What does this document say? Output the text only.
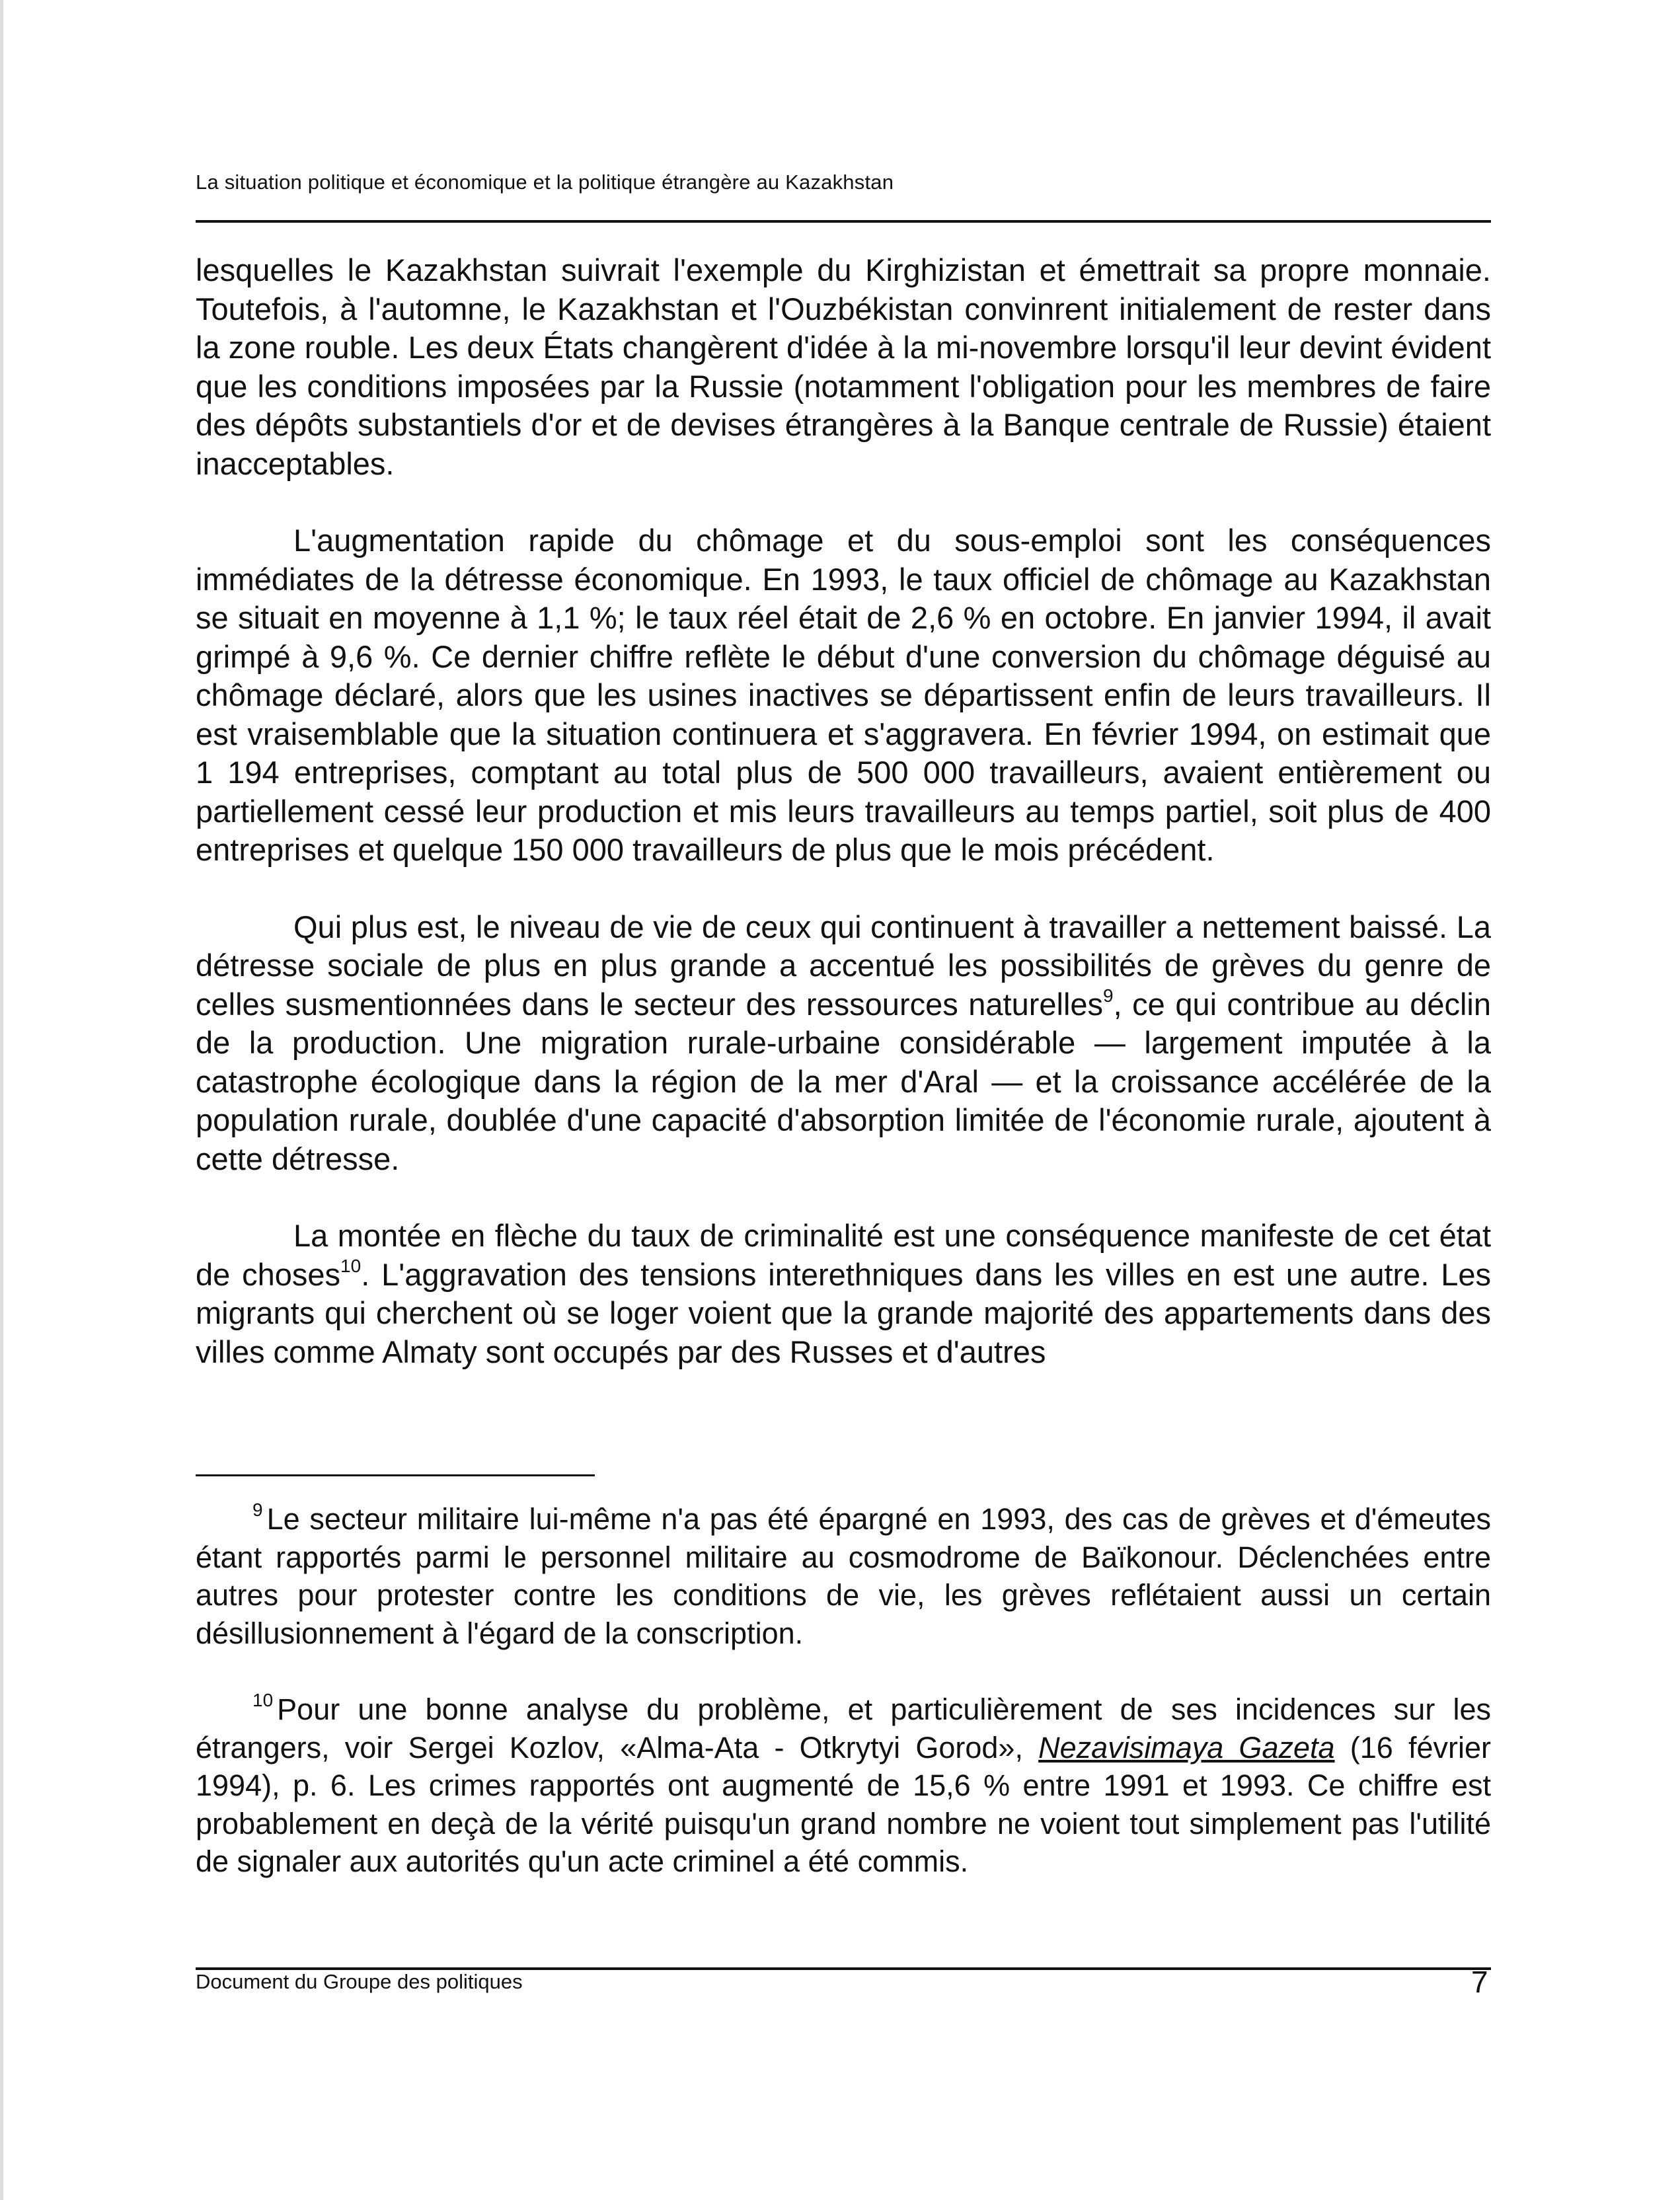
La situation politique et économique et la politique étrangère au Kazakhstan

lesquelles le Kazakhstan suivrait l'exemple du Kirghizistan et émettrait sa propre monnaie. Toutefois, à l'automne, le Kazakhstan et l'Ouzbékistan convinrent initialement de rester dans la zone rouble. Les deux États changèrent d'idée à la mi-novembre lorsqu'il leur devint évident que les conditions imposées par la Russie (notamment l'obligation pour les membres de faire des dépôts substantiels d'or et de devises étrangères à la Banque centrale de Russie) étaient inacceptables.

L'augmentation rapide du chômage et du sous-emploi sont les conséquences immédiates de la détresse économique. En 1993, le taux officiel de chômage au Kazakhstan se situait en moyenne à 1,1 %; le taux réel était de 2,6 % en octobre. En janvier 1994, il avait grimpé à 9,6 %. Ce dernier chiffre reflète le début d'une conversion du chômage déguisé au chômage déclaré, alors que les usines inactives se départissent enfin de leurs travailleurs. Il est vraisemblable que la situation continuera et s'aggravera. En février 1994, on estimait que 1 194 entreprises, comptant au total plus de 500 000 travailleurs, avaient entièrement ou partiellement cessé leur production et mis leurs travailleurs au temps partiel, soit plus de 400 entreprises et quelque 150 000 travailleurs de plus que le mois précédent.

Qui plus est, le niveau de vie de ceux qui continuent à travailler a nettement baissé. La détresse sociale de plus en plus grande a accentué les possibilités de grèves du genre de celles susmentionnées dans le secteur des ressources naturelles$^9$, ce qui contribue au déclin de la production. Une migration rurale-urbaine considérable — largement imputée à la catastrophe écologique dans la région de la mer d'Aral — et la croissance accélérée de la population rurale, doublée d'une capacité d'absorption limitée de l'économie rurale, ajoutent à cette détresse.

La montée en flèche du taux de criminalité est une conséquence manifeste de cet état de choses$^{10}$. L'aggravation des tensions interethniques dans les villes en est une autre. Les migrants qui cherchent où se loger voient que la grande majorité des appartements dans des villes comme Almaty sont occupés par des Russes et d'autres

$^9$ Le secteur militaire lui-même n'a pas été épargné en 1993, des cas de grèves et d'émeutes étant rapportés parmi le personnel militaire au cosmodrome de Baïkonour. Déclenchées entre autres pour protester contre les conditions de vie, les grèves reflétaient aussi un certain désillusionnement à l'égard de la conscription.

$^{10}$ Pour une bonne analyse du problème, et particulièrement de ses incidences sur les étrangers, voir Sergei Kozlov, «Alma-Ata - Otkrytyi Gorod», Nezavisimaya Gazeta (16 février 1994), p. 6. Les crimes rapportés ont augmenté de 15,6 % entre 1991 et 1993. Ce chiffre est probablement en deçà de la vérité puisqu'un grand nombre ne voient tout simplement pas l'utilité de signaler aux autorités qu'un acte criminel a été commis.

Document du Groupe des politiques	7
